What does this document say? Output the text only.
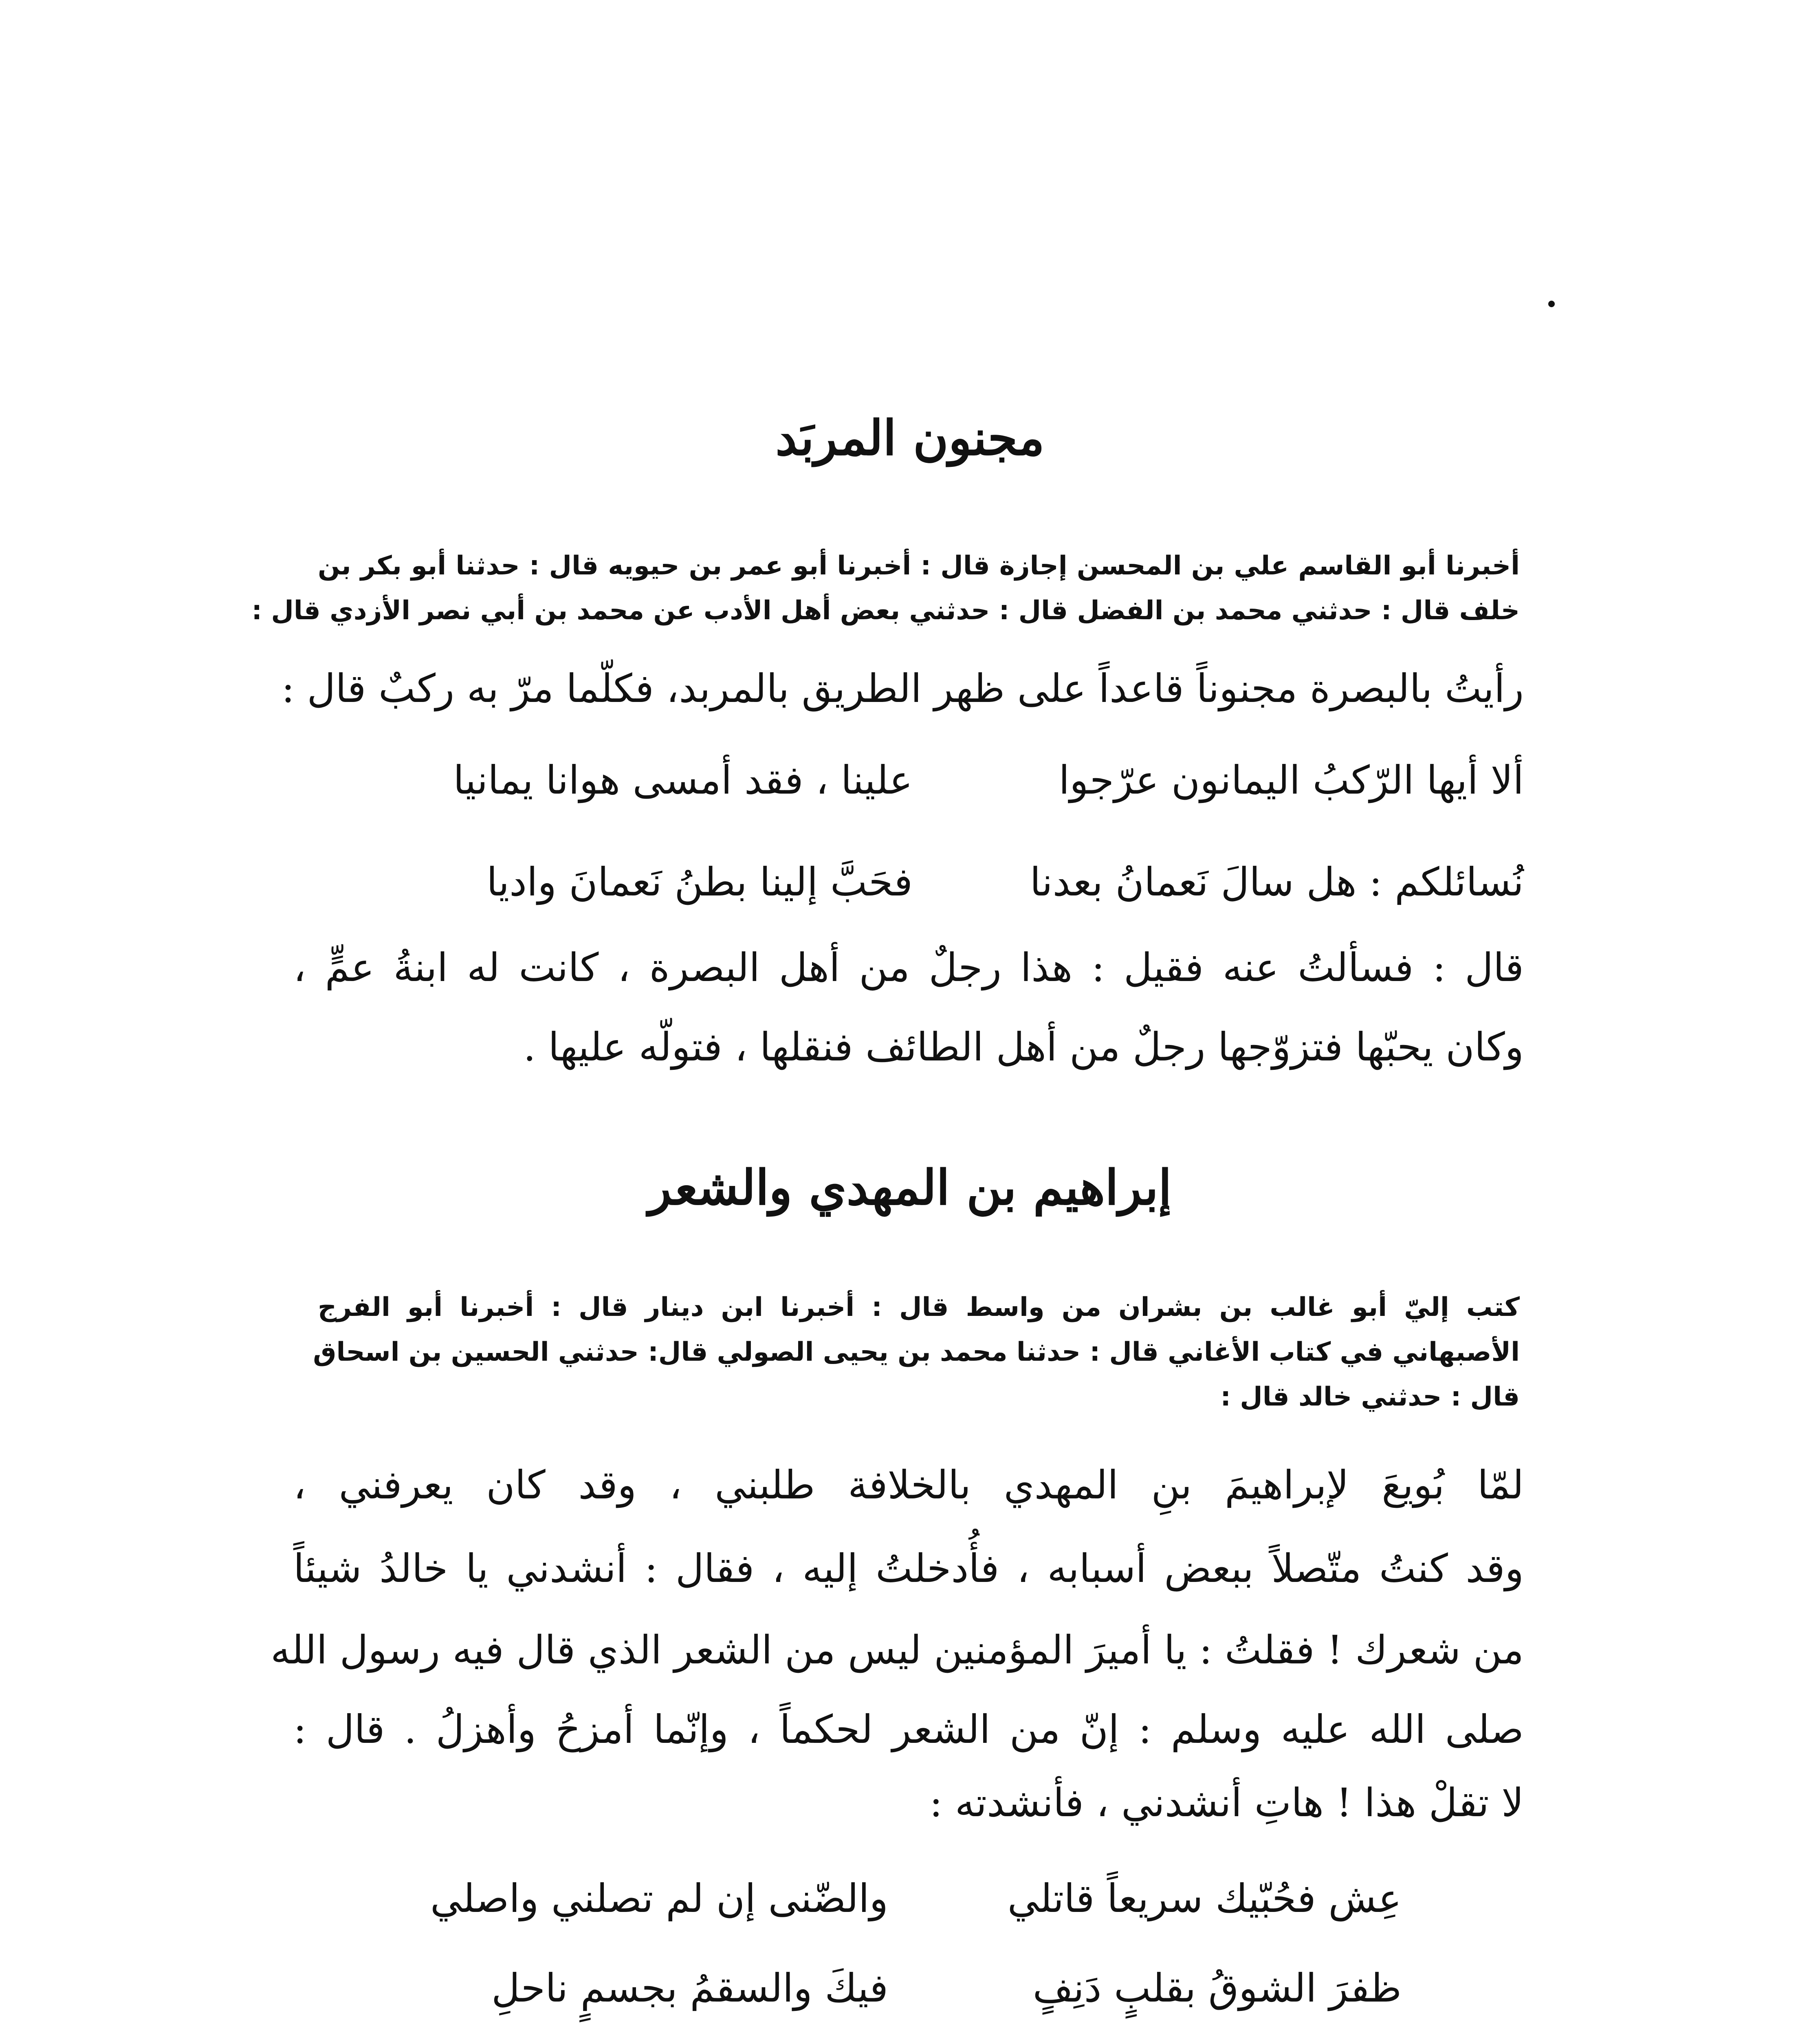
مجنون المربَد
أخبرنا أبو القاسم علي بن المحسن إجازة قال : أخبرنا أبو عمر بن حيويه قال : حدثنا أبو بكر بن
خلف قال : حدثني محمد بن الفضل قال : حدثني بعض أهل الأدب عن محمد بن أبي نصر الأزدي قال :
رأيتُ بالبصرة مجنوناً قاعداً على ظهر الطريق بالمربد، فكلّما مرّ به ركبٌ قال :
ألا أيها الرّكبُ اليمانون عرّجوا
علينا ، فقد أمسى هوانا يمانيا
نُسائلكم : هل سالَ نَعمانُ بعدنا
فحَبَّ إلينا بطنُ نَعمانَ واديا
قال : فسألتُ عنه فقيل : هذا رجلٌ من أهل البصرة ، كانت له ابنةُ عمٍّ ،
وكان يحبّها فتزوّجها رجلٌ من أهل الطائف فنقلها ، فتولّه عليها .
إبراهيم بن المهدي والشعر
كتب إليّ أبو غالب بن بشران من واسط قال : أخبرنا ابن دينار قال : أخبرنا أبو الفرج
الأصبهاني في كتاب الأغاني قال : حدثنا محمد بن يحيى الصولي قال: حدثني الحسين بن اسحاق
قال : حدثني خالد قال :
لمّا بُويعَ لإبراهيمَ بنِ المهدي بالخلافة طلبني ، وقد كان يعرفني ،
وقد كنتُ متّصلاً ببعض أسبابه ، فأُدخلتُ إليه ، فقال : أنشدني يا خالدُ شيئاً
من شعرك ! فقلتُ : يا أميرَ المؤمنين ليس من الشعر الذي قال فيه رسول الله
صلى الله عليه وسلم : إنّ من الشعر لحكماً ، وإنّما أمزحُ وأهزلُ . قال :
لا تقلْ هذا ! هاتِ أنشدني ، فأنشدته :
عِش فحُبّيك سريعاً قاتلي
والضّنى إن لم تصلني واصلي
ظفرَ الشوقُ بقلبٍ دَنِفٍ
فيكَ والسقمُ بجسمٍ ناحلِ
